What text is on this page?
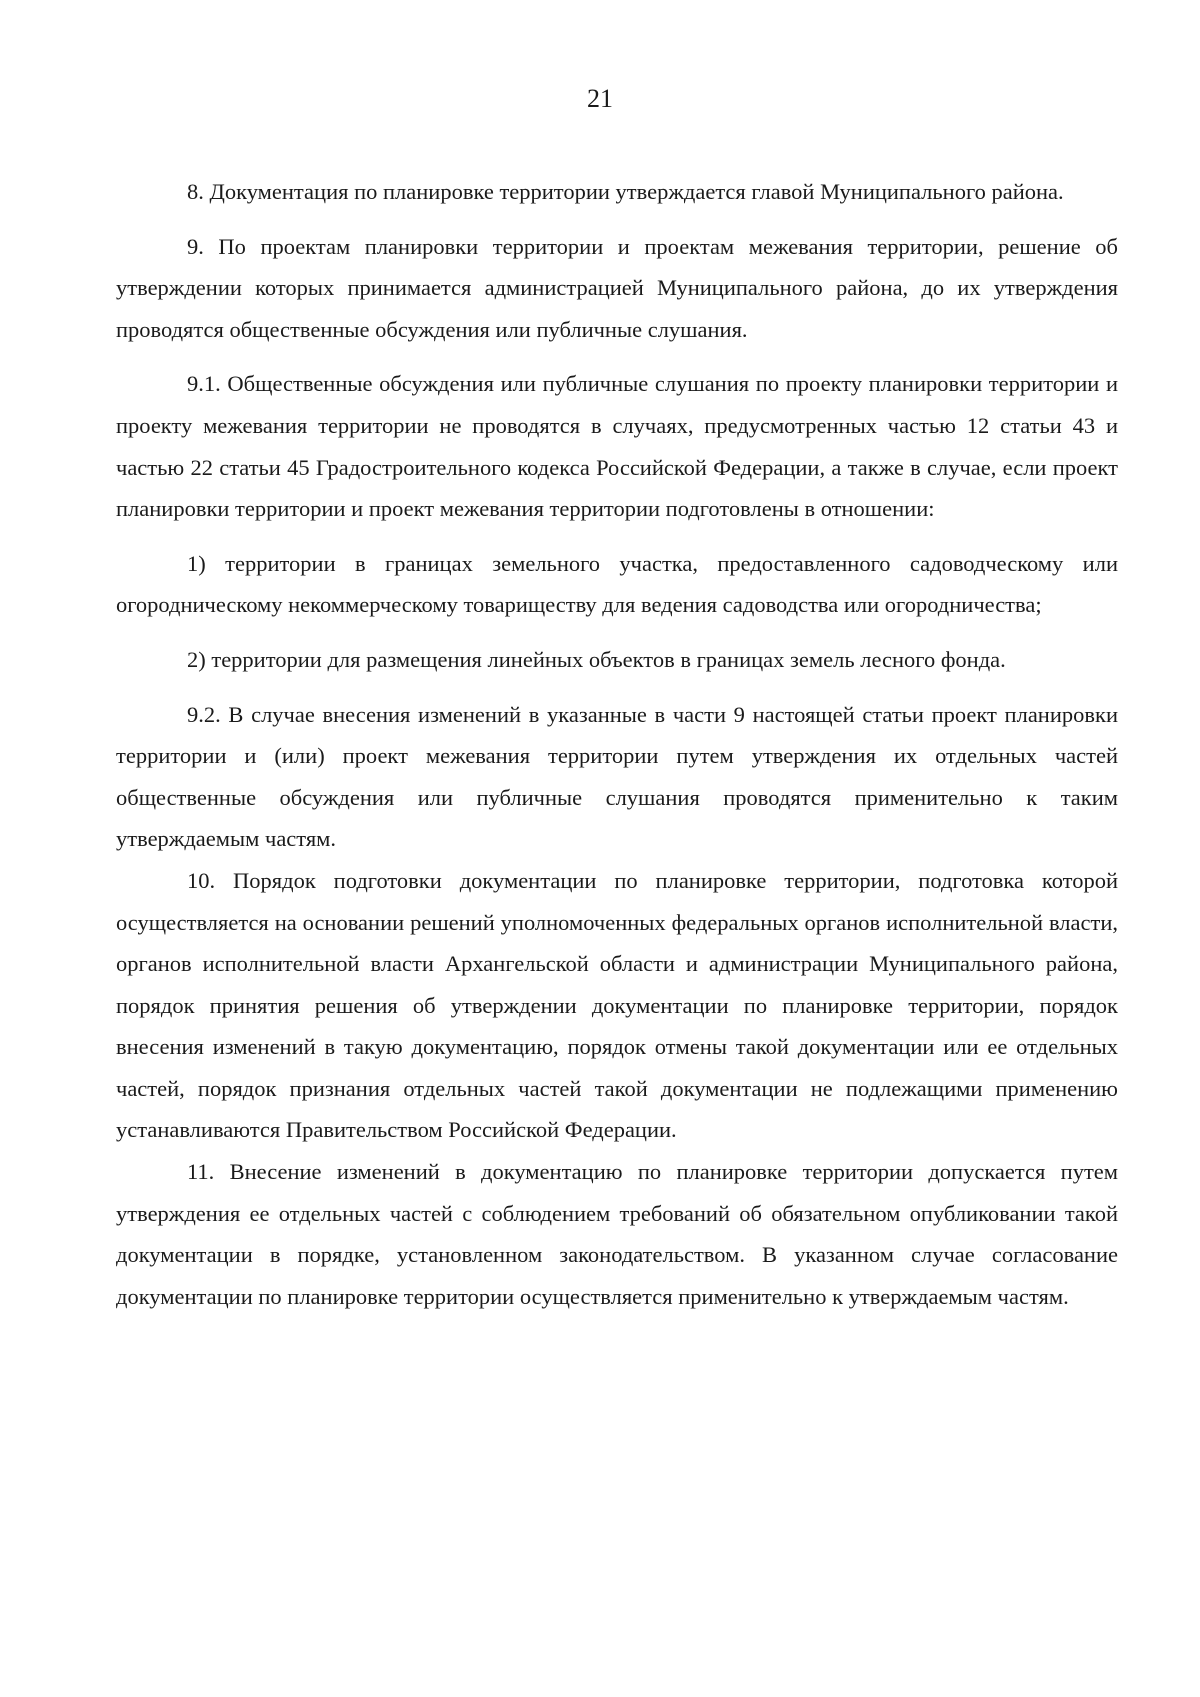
21

8. Документация по планировке территории утверждается главой Муниципального района.

9. По проектам планировки территории и проектам межевания территории, решение об утверждении которых принимается администрацией Муниципального района, до их утверждения проводятся общественные обсуждения или публичные слушания.

9.1. Общественные обсуждения или публичные слушания по проекту планировки территории и проекту межевания территории не проводятся в случаях, предусмотренных частью 12 статьи 43 и частью 22 статьи 45 Градостроительного кодекса Российской Федерации, а также в случае, если проект планировки территории и проект межевания территории подготовлены в отношении:

1) территории в границах земельного участка, предоставленного садоводческому или огородническому некоммерческому товариществу для ведения садоводства или огородничества;

2) территории для размещения линейных объектов в границах земель лесного фонда.

9.2. В случае внесения изменений в указанные в части 9 настоящей статьи проект планировки территории и (или) проект межевания территории путем утверждения их отдельных частей общественные обсуждения или публичные слушания проводятся применительно к таким утверждаемым частям.

10. Порядок подготовки документации по планировке территории, подготовка которой осуществляется на основании решений уполномоченных федеральных органов исполнительной власти, органов исполнительной власти Архангельской области и администрации Муниципального района, порядок принятия решения об утверждении документации по планировке территории, порядок внесения изменений в такую документацию, порядок отмены такой документации или ее отдельных частей, порядок признания отдельных частей такой документации не подлежащими применению устанавливаются Правительством Российской Федерации.

11. Внесение изменений в документацию по планировке территории допускается путем утверждения ее отдельных частей с соблюдением требований об обязательном опубликовании такой документации в порядке, установленном законодательством. В указанном случае согласование документации по планировке территории осуществляется применительно к утверждаемым частям.
